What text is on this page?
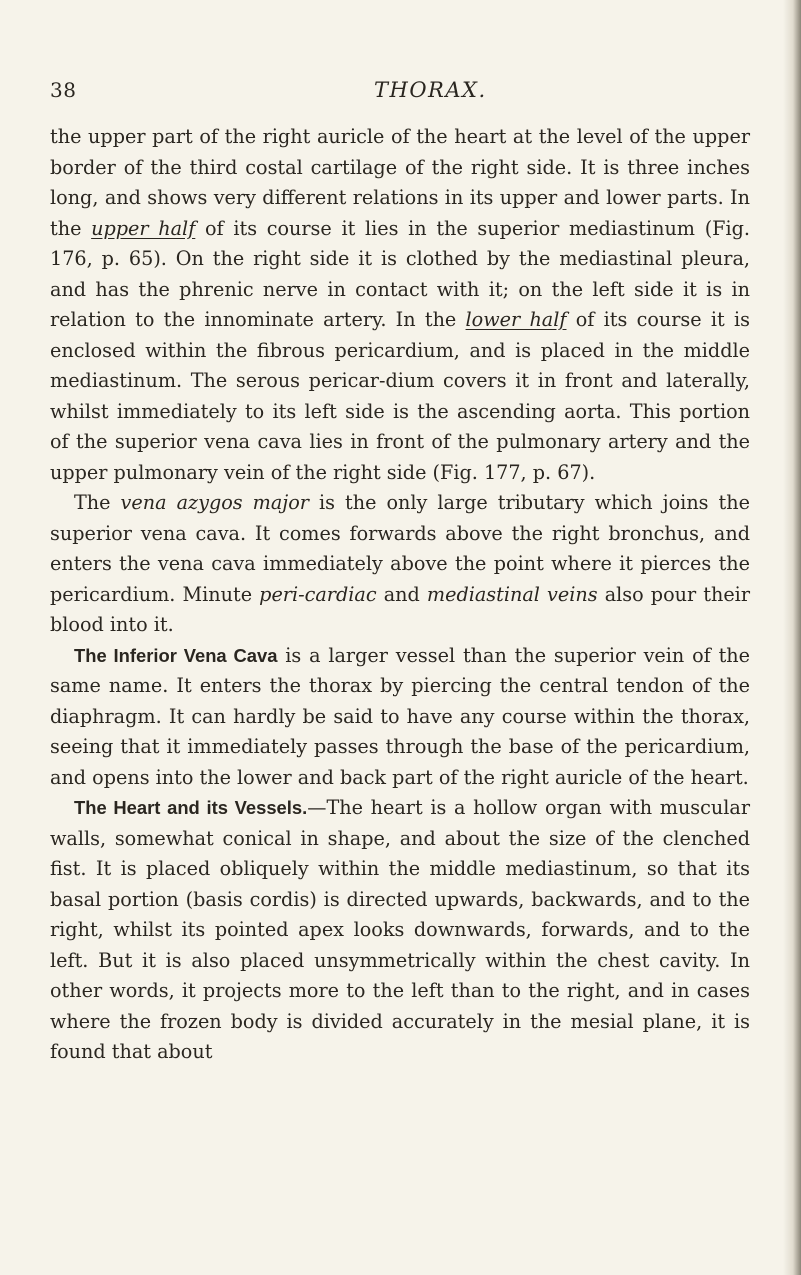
38	THORAX.

the upper part of the right auricle of the heart at the level of the upper border of the third costal cartilage of the right side. It is three inches long, and shows very different relations in its upper and lower parts. In the upper half of its course it lies in the superior mediastinum (Fig. 176, p. 65). On the right side it is clothed by the mediastinal pleura, and has the phrenic nerve in contact with it; on the left side it is in relation to the innominate artery. In the lower half of its course it is enclosed within the fibrous pericardium, and is placed in the middle mediastinum. The serous pericar-dium covers it in front and laterally, whilst immediately to its left side is the ascending aorta. This portion of the superior vena cava lies in front of the pulmonary artery and the upper pulmonary vein of the right side (Fig. 177, p. 67).

The vena azygos major is the only large tributary which joins the superior vena cava. It comes forwards above the right bronchus, and enters the vena cava immediately above the point where it pierces the pericardium. Minute peri-cardiac and mediastinal veins also pour their blood into it.

The Inferior Vena Cava is a larger vessel than the superior vein of the same name. It enters the thorax by piercing the central tendon of the diaphragm. It can hardly be said to have any course within the thorax, seeing that it immediately passes through the base of the pericardium, and opens into the lower and back part of the right auricle of the heart.

The Heart and its Vessels.—The heart is a hollow organ with muscular walls, somewhat conical in shape, and about the size of the clenched fist. It is placed obliquely within the middle mediastinum, so that its basal portion (basis cordis) is directed upwards, backwards, and to the right, whilst its pointed apex looks downwards, forwards, and to the left. But it is also placed unsymmetrically within the chest cavity. In other words, it projects more to the left than to the right, and in cases where the frozen body is divided accurately in the mesial plane, it is found that about
